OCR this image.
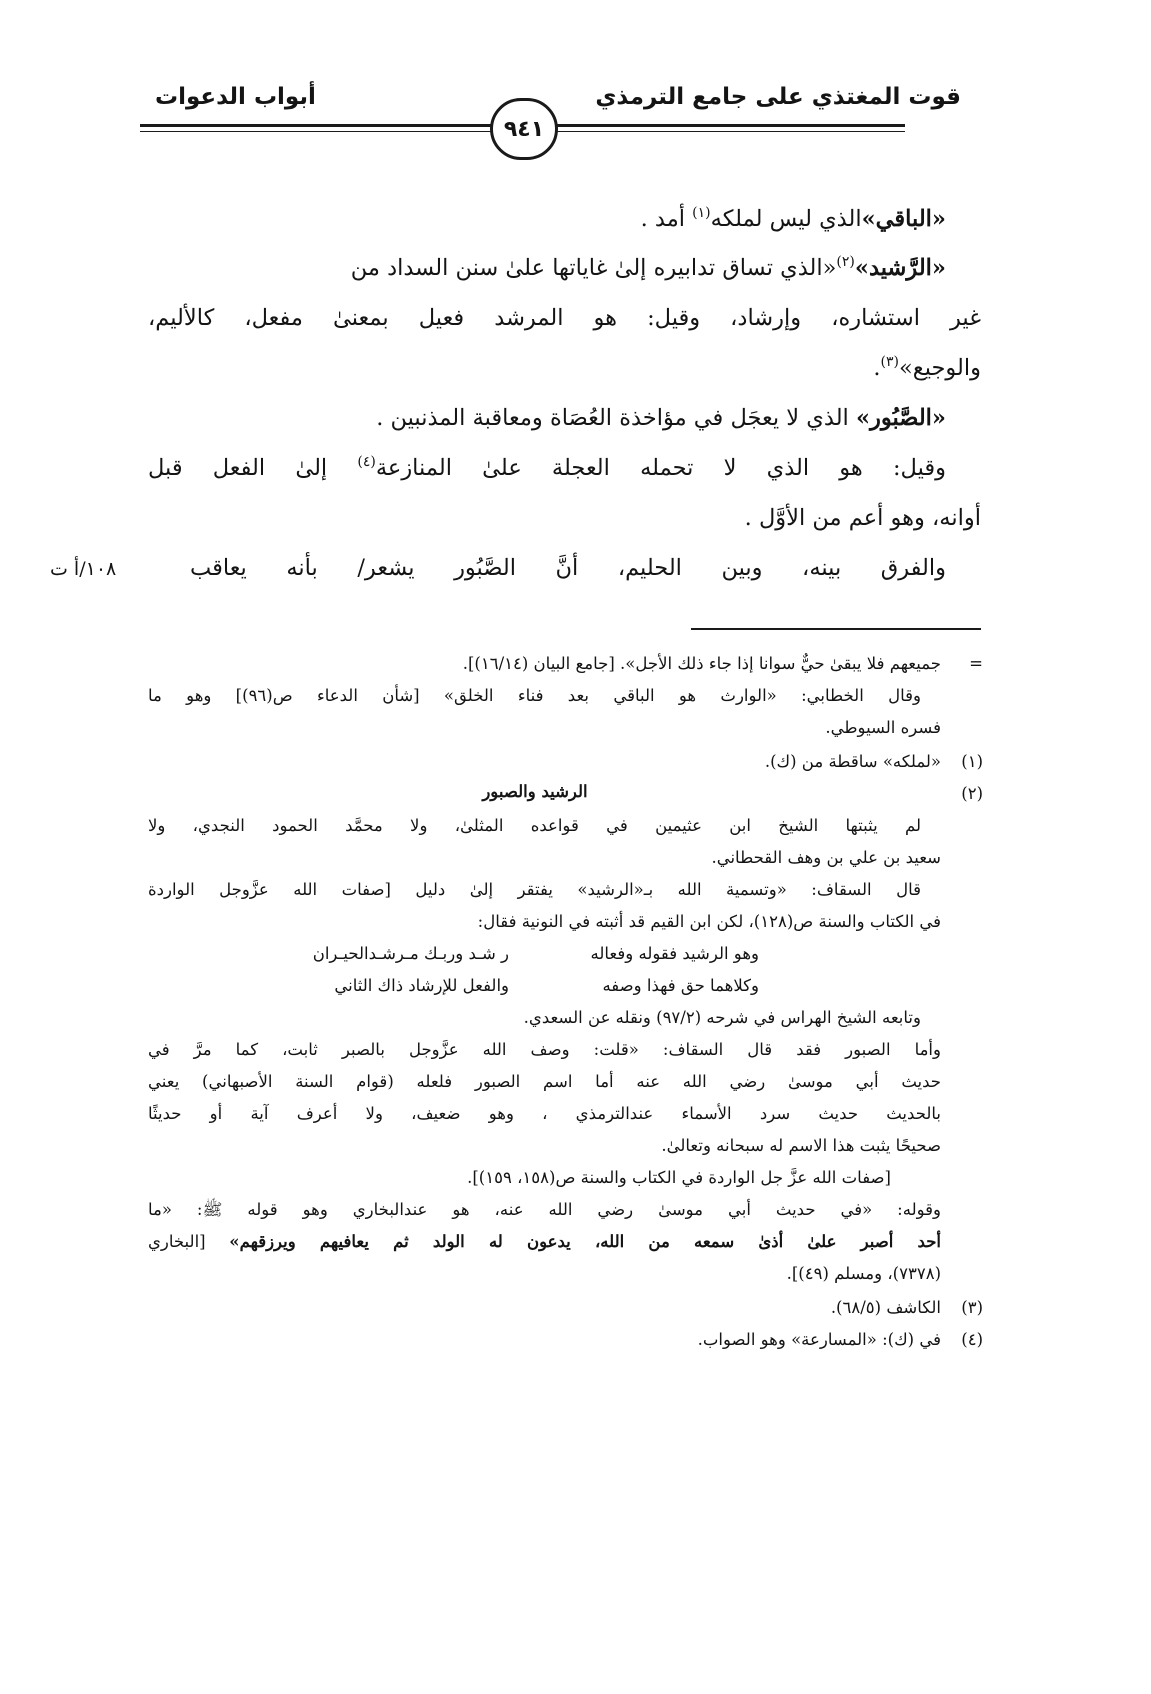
قوت المغتذي على جامع الترمذي
أبواب الدعوات
٩٤١
«الباقي»الذي ليس لملكه$^{(١)}$ أمد .
«الرَّشيد»$^{(٢)}$«الذي تساق تدابيره إلىٰ غاياتها علىٰ سنن السداد من
غير استشاره، وإرشاد، وقيل: هو المرشد فعيل بمعنىٰ مفعل، كالأليم،
والوجيع»$^{(٣)}$.
«الصَّبُور» الذي لا يعجَل في مؤاخذة العُصَاة ومعاقبة المذنبين .
وقيل: هو الذي لا تحمله العجلة علىٰ المنازعة$^{(٤)}$ إلىٰ الفعل قبل
أوانه، وهو أعم من الأوَّل .
والفرق بينه، وبين الحليم، أنَّ الصَّبُور يشعر/ بأنه يعاقب
١٠٨/أ ت
=
جميعهم فلا يبقىٰ حيٌّ سوانا إذا جاء ذلك الأجل». [جامع البيان (١٦/١٤)].
وقال الخطابي: «الوارث هو الباقي بعد فناء الخلق» [شأن الدعاء ص(٩٦)] وهو ما
فسره السيوطي.
(١)
«لملكه» ساقطة من (ك).
(٢)
الرشيد والصبور
لم يثبتها الشيخ ابن عثيمين في قواعده المثلىٰ، ولا محمَّد الحمود النجدي، ولا
سعيد بن علي بن وهف القحطاني.
قال السقاف: «وتسمية الله بـ«الرشيد» يفتقر إلىٰ دليل [صفات الله عزَّوجل الواردة
في الكتاب والسنة ص(١٢٨)، لكن ابن القيم قد أثبته في النونية فقال:
وهو الرشيد فقوله وفعاله
ر شـد وربـك مـرشـدالحيـران
وكلاهما حق فهذا وصفه
والفعل للإرشاد ذاك الثاني
وتابعه الشيخ الهراس في شرحه (٩٧/٢) ونقله عن السعدي.
وأما الصبور فقد قال السقاف: «قلت: وصف الله عزَّوجل بالصبر ثابت، كما مرَّ في
حديث أبي موسىٰ رضي الله عنه أما اسم الصبور فلعله (قوام السنة الأصبهاني) يعني
بالحديث حديث سرد الأسماء عندالترمذي ، وهو ضعيف، ولا أعرف آية أو حديثًا
صحيحًا يثبت هذا الاسم له سبحانه وتعالىٰ.
[صفات الله عزَّ جل الواردة في الكتاب والسنة ص(١٥٨، ١٥٩)].
وقوله: «في حديث أبي موسىٰ رضي الله عنه، هو عندالبخاري وهو قوله ﷺ: «ما
أحد أصبر علىٰ أذىٰ سمعه من الله، يدعون له الولد ثم يعافيهم ويرزقهم» [البخاري
(٧٣٧٨)، ومسلم (٤٩)].
(٣)
الكاشف (٦٨/٥).
(٤)
في (ك): «المسارعة» وهو الصواب.
